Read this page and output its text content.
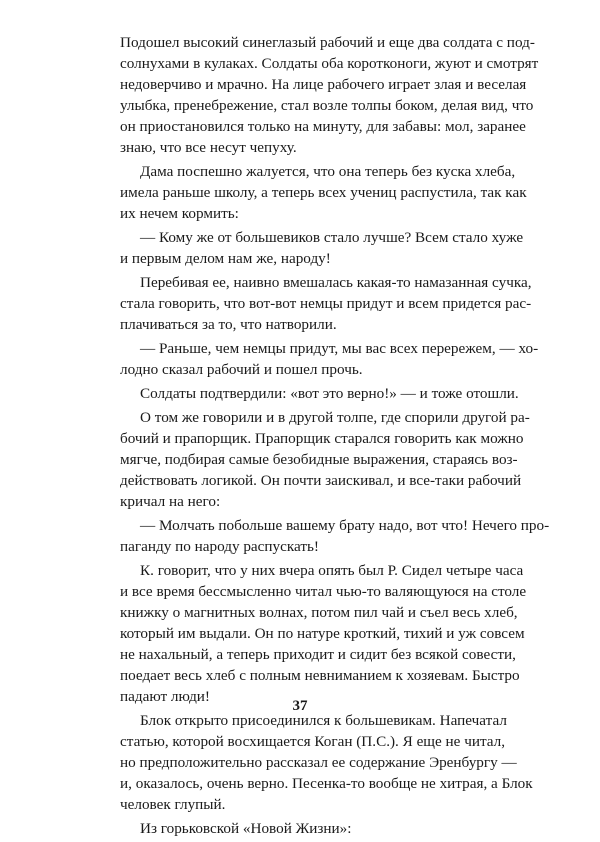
Подошел высокий синеглазый рабочий и еще два солдата с под-
солнухами в кулаках. Солдаты оба коротконоги, жуют и смотрят
недоверчиво и мрачно. На лице рабочего играет злая и веселая
улыбка, пренебрежение, стал возле толпы боком, делая вид, что
он приостановился только на минуту, для забавы: мол, заранее
знаю, что все несут чепуху.
Дама поспешно жалуется, что она теперь без куска хлеба,
имела раньше школу, а теперь всех учениц распустила, так как
их нечем кормить:
— Кому же от большевиков стало лучше? Всем стало хуже
и первым делом нам же, народу!
Перебивая ее, наивно вмешалась какая-то намазанная сучка,
стала говорить, что вот-вот немцы придут и всем придется рас-
плачиваться за то, что натворили.
— Раньше, чем немцы придут, мы вас всех перережем, — хо-
лодно сказал рабочий и пошел прочь.
Солдаты подтвердили: «вот это верно!» — и тоже отошли.
О том же говорили и в другой толпе, где спорили другой ра-
бочий и прапорщик. Прапорщик старался говорить как можно
мягче, подбирая самые безобидные выражения, стараясь воз-
действовать логикой. Он почти заискивал, и все-таки рабочий
кричал на него:
— Молчать побольше вашему брату надо, вот что! Нечего про-
паганду по народу распускать!
К. говорит, что у них вчера опять был Р. Сидел четыре часа
и все время бессмысленно читал чью-то валяющуюся на столе
книжку о магнитных волнах, потом пил чай и съел весь хлеб,
который им выдали. Он по натуре кроткий, тихий и уж совсем
не нахальный, а теперь приходит и сидит без всякой совести,
поедает весь хлеб с полным невниманием к хозяевам. Быстро
падают люди!
Блок открыто присоединился к большевикам. Напечатал
статью, которой восхищается Коган (П.С.). Я еще не читал,
но предположительно рассказал ее содержание Эренбургу —
и, оказалось, очень верно. Песенка-то вообще не хитрая, а Блок
человек глупый.
Из горьковской «Новой Жизни»:
37
